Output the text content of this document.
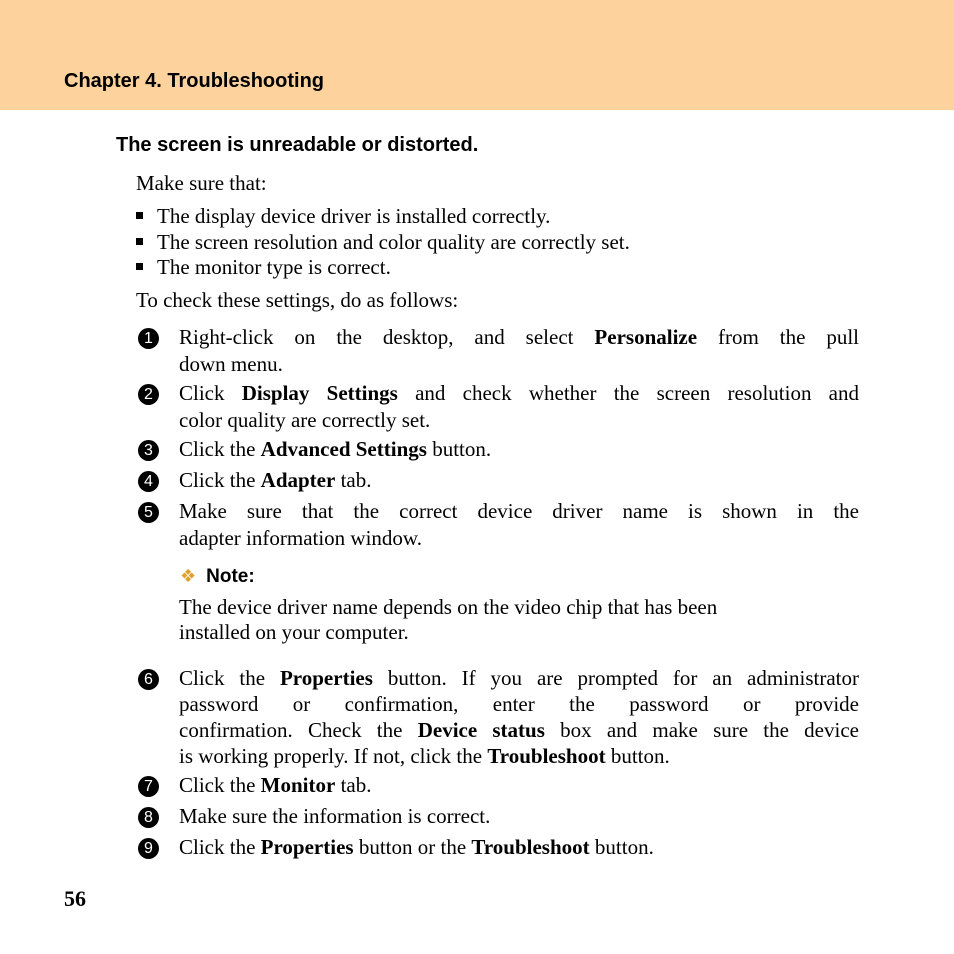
Chapter 4. Troubleshooting
The screen is unreadable or distorted.
Make sure that:
The display device driver is installed correctly.
The screen resolution and color quality are correctly set.
The monitor type is correct.
To check these settings, do as follows:
1 Right-click on the desktop, and select Personalize from the pull
down menu.
2 Click Display Settings and check whether the screen resolution and
color quality are correctly set.
3 Click the Advanced Settings button.
4 Click the Adapter tab.
5 Make sure that the correct device driver name is shown in the
adapter information window.
❖ Note:
The device driver name depends on the video chip that has been
installed on your computer.
6 Click the Properties button. If you are prompted for an administrator
password or confirmation, enter the password or provide
confirmation. Check the Device status box and make sure the device
is working properly. If not, click the Troubleshoot button.
7 Click the Monitor tab.
8 Make sure the information is correct.
9 Click the Properties button or the Troubleshoot button.
56
